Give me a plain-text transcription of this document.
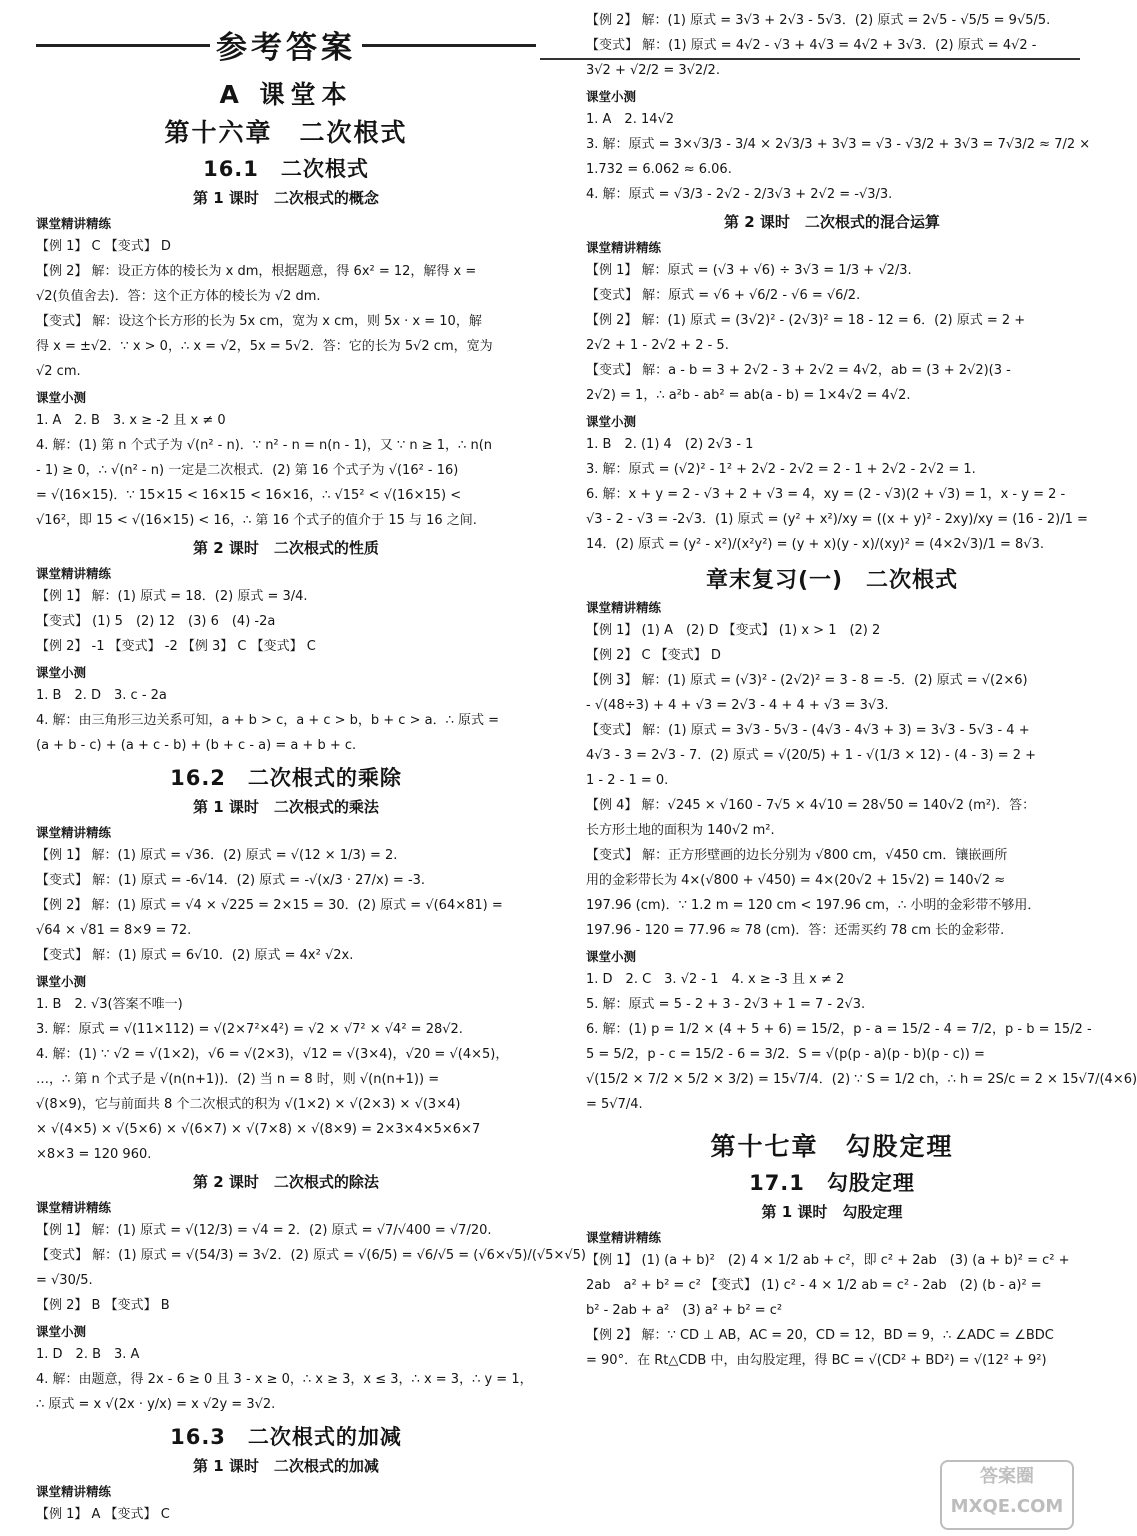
参考答案
A 课堂本
第十六章　二次根式
16.1　二次根式
第 1 课时　二次根式的概念
课堂精讲精练
【例 1】 C 【变式】 D
【例 2】 解：设正方体的棱长为 x dm，根据题意，得 6x² = 12，解得 x =
√2(负值舍去)．答：这个正方体的棱长为 √2 dm.
【变式】 解：设这个长方形的长为 5x cm，宽为 x cm，则 5x · x = 10，解
得 x = ±√2．∵ x > 0，∴ x = √2，5x = 5√2．答：它的长为 5√2 cm，宽为
√2 cm.
课堂小测
1. A　2. B　3. x ≥ -2 且 x ≠ 0
4. 解：(1) 第 n 个式子为 √(n² - n)．∵ n² - n = n(n - 1)，又 ∵ n ≥ 1，∴ n(n
- 1) ≥ 0，∴ √(n² - n) 一定是二次根式．(2) 第 16 个式子为 √(16² - 16)
= √(16×15)．∵ 15×15 < 16×15 < 16×16，∴ √15² < √(16×15) <
√16²，即 15 < √(16×15) < 16，∴ 第 16 个式子的值介于 15 与 16 之间.
第 2 课时　二次根式的性质
课堂精讲精练
【例 1】 解：(1) 原式 = 18．(2) 原式 = 3/4.
【变式】 (1) 5　(2) 12　(3) 6　(4) -2a
【例 2】 -1 【变式】 -2 【例 3】 C 【变式】 C
课堂小测
1. B　2. D　3. c - 2a
4. 解：由三角形三边关系可知，a + b > c，a + c > b，b + c > a．∴ 原式 =
(a + b - c) + (a + c - b) + (b + c - a) = a + b + c.
16.2　二次根式的乘除
第 1 课时　二次根式的乘法
课堂精讲精练
【例 1】 解：(1) 原式 = √36．(2) 原式 = √(12 × 1/3) = 2.
【变式】 解：(1) 原式 = -6√14．(2) 原式 = -√(x/3 · 27/x) = -3.
【例 2】 解：(1) 原式 = √4 × √225 = 2×15 = 30．(2) 原式 = √(64×81) =
√64 × √81 = 8×9 = 72.
【变式】 解：(1) 原式 = 6√10．(2) 原式 = 4x² √2x.
课堂小测
1. B　2. √3(答案不唯一)
3. 解：原式 = √(11×112) = √(2×7²×4²) = √2 × √7² × √4² = 28√2.
4. 解：(1) ∵ √2 = √(1×2)，√6 = √(2×3)，√12 = √(3×4)，√20 = √(4×5)，
…，∴ 第 n 个式子是 √(n(n+1))．(2) 当 n = 8 时，则 √(n(n+1)) =
√(8×9)，它与前面共 8 个二次根式的积为 √(1×2) × √(2×3) × √(3×4)
× √(4×5) × √(5×6) × √(6×7) × √(7×8) × √(8×9) = 2×3×4×5×6×7
×8×3 = 120 960.
第 2 课时　二次根式的除法
课堂精讲精练
【例 1】 解：(1) 原式 = √(12/3) = √4 = 2．(2) 原式 = √7/√400 = √7/20.
【变式】 解：(1) 原式 = √(54/3) = 3√2．(2) 原式 = √(6/5) = √6/√5 = (√6×√5)/(√5×√5)
= √30/5.
【例 2】 B 【变式】 B
课堂小测
1. D　2. B　3. A
4. 解：由题意，得 2x - 6 ≥ 0 且 3 - x ≥ 0，∴ x ≥ 3，x ≤ 3，∴ x = 3，∴ y = 1，
∴ 原式 = x √(2x · y/x) = x √2y = 3√2.
16.3　二次根式的加减
第 1 课时　二次根式的加减
课堂精讲精练
【例 1】 A 【变式】 C
【例 2】 解：(1) 原式 = 3√3 + 2√3 - 5√3．(2) 原式 = 2√5 - √5/5 = 9√5/5.
【变式】 解：(1) 原式 = 4√2 - √3 + 4√3 = 4√2 + 3√3．(2) 原式 = 4√2 -
3√2 + √2/2 = 3√2/2.
课堂小测
1. A　2. 14√2
3. 解：原式 = 3×√3/3 - 3/4 × 2√3/3 + 3√3 = √3 - √3/2 + 3√3 = 7√3/2 ≈ 7/2 ×
1.732 = 6.062 ≈ 6.06.
4. 解：原式 = √3/3 - 2√2 - 2/3√3 + 2√2 = -√3/3.
第 2 课时　二次根式的混合运算
课堂精讲精练
【例 1】 解：原式 = (√3 + √6) ÷ 3√3 = 1/3 + √2/3.
【变式】 解：原式 = √6 + √6/2 - √6 = √6/2.
【例 2】 解：(1) 原式 = (3√2)² - (2√3)² = 18 - 12 = 6．(2) 原式 = 2 +
2√2 + 1 - 2√2 + 2 - 5.
【变式】 解：a - b = 3 + 2√2 - 3 + 2√2 = 4√2，ab = (3 + 2√2)(3 -
2√2) = 1，∴ a²b - ab² = ab(a - b) = 1×4√2 = 4√2.
课堂小测
1. B　2. (1) 4　(2) 2√3 - 1
3. 解：原式 = (√2)² - 1² + 2√2 - 2√2 = 2 - 1 + 2√2 - 2√2 = 1.
6. 解：x + y = 2 - √3 + 2 + √3 = 4，xy = (2 - √3)(2 + √3) = 1，x - y = 2 -
√3 - 2 - √3 = -2√3．(1) 原式 = (y² + x²)/xy = ((x + y)² - 2xy)/xy = (16 - 2)/1 =
14．(2) 原式 = (y² - x²)/(x²y²) = (y + x)(y - x)/(xy)² = (4×2√3)/1 = 8√3.
章末复习(一)　二次根式
课堂精讲精练
【例 1】 (1) A　(2) D 【变式】 (1) x > 1　(2) 2
【例 2】 C 【变式】 D
【例 3】 解：(1) 原式 = (√3)² - (2√2)² = 3 - 8 = -5．(2) 原式 = √(2×6)
- √(48÷3) + 4 + √3 = 2√3 - 4 + 4 + √3 = 3√3.
【变式】 解：(1) 原式 = 3√3 - 5√3 - (4√3 - 4√3 + 3) = 3√3 - 5√3 - 4 +
4√3 - 3 = 2√3 - 7．(2) 原式 = √(20/5) + 1 - √(1/3 × 12) - (4 - 3) = 2 +
1 - 2 - 1 = 0.
【例 4】 解：√245 × √160 - 7√5 × 4√10 = 28√50 = 140√2 (m²)．答：
长方形土地的面积为 140√2 m².
【变式】 解：正方形壁画的边长分别为 √800 cm，√450 cm．镶嵌画所
用的金彩带长为 4×(√800 + √450) = 4×(20√2 + 15√2) = 140√2 ≈
197.96 (cm)．∵ 1.2 m = 120 cm < 197.96 cm，∴ 小明的金彩带不够用．
197.96 - 120 = 77.96 ≈ 78 (cm)．答：还需买约 78 cm 长的金彩带.
课堂小测
1. D　2. C　3. √2 - 1　4. x ≥ -3 且 x ≠ 2
5. 解：原式 = 5 - 2 + 3 - 2√3 + 1 = 7 - 2√3.
6. 解：(1) p = 1/2 × (4 + 5 + 6) = 15/2，p - a = 15/2 - 4 = 7/2，p - b = 15/2 -
5 = 5/2，p - c = 15/2 - 6 = 3/2．S = √(p(p - a)(p - b)(p - c)) =
√(15/2 × 7/2 × 5/2 × 3/2) = 15√7/4．(2) ∵ S = 1/2 ch，∴ h = 2S/c = 2 × 15√7/(4×6)
= 5√7/4.
第十七章　勾股定理
17.1　勾股定理
第 1 课时　勾股定理
课堂精讲精练
【例 1】 (1) (a + b)²　(2) 4 × 1/2 ab + c²，即 c² + 2ab　(3) (a + b)² = c² +
2ab　a² + b² = c² 【变式】 (1) c² - 4 × 1/2 ab = c² - 2ab　(2) (b - a)² =
b² - 2ab + a²　(3) a² + b² = c²
【例 2】 解：∵ CD ⊥ AB，AC = 20，CD = 12，BD = 9，∴ ∠ADC = ∠BDC
= 90°．在 Rt△CDB 中，由勾股定理，得 BC = √(CD² + BD²) = √(12² + 9²)
答案圈 MXQE.COM
